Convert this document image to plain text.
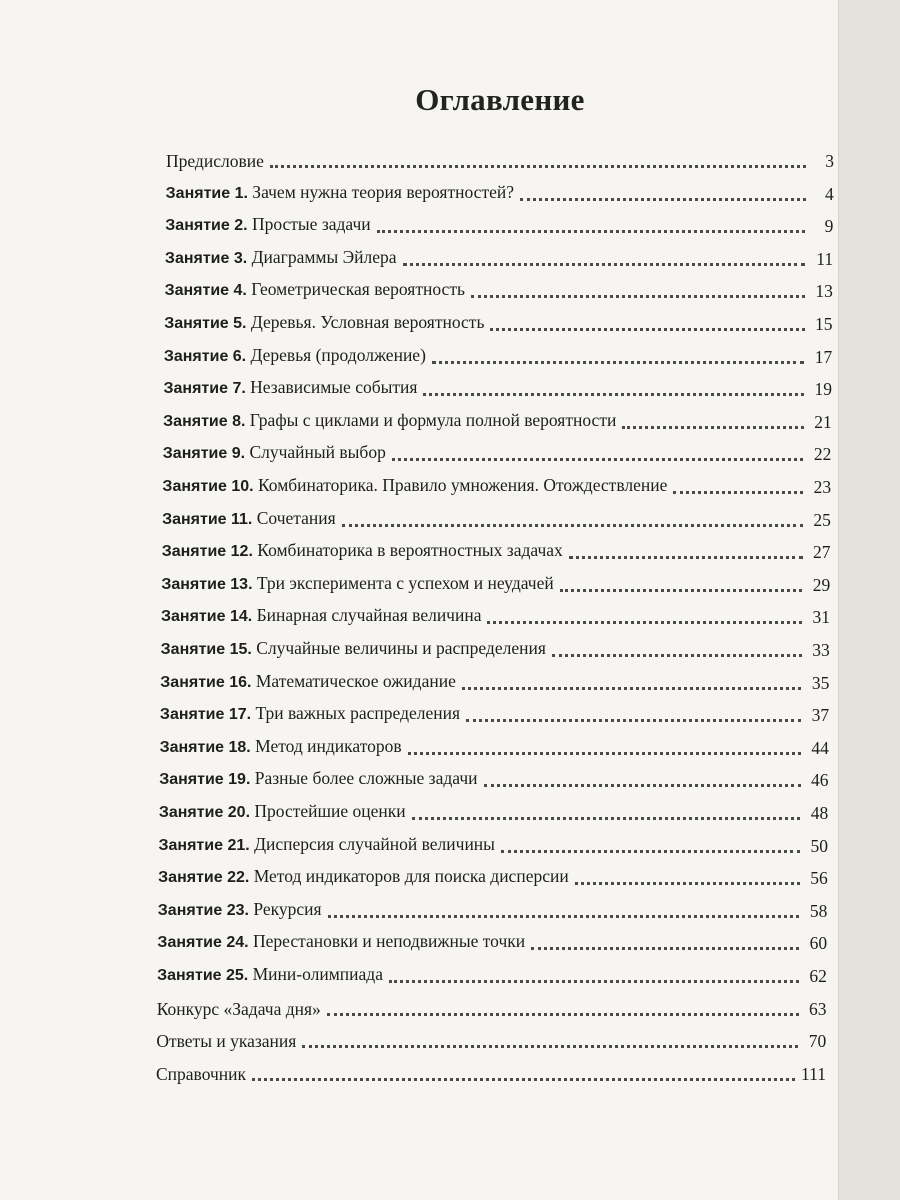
Оглавление
Предисловие	3
Занятие 1. Зачем нужна теория вероятностей?	4
Занятие 2. Простые задачи	9
Занятие 3. Диаграммы Эйлера	11
Занятие 4. Геометрическая вероятность	13
Занятие 5. Деревья. Условная вероятность	15
Занятие 6. Деревья (продолжение)	17
Занятие 7. Независимые события	19
Занятие 8. Графы с циклами и формула полной вероятности	21
Занятие 9. Случайный выбор	22
Занятие 10. Комбинаторика. Правило умножения. Отождествление	23
Занятие 11. Сочетания	25
Занятие 12. Комбинаторика в вероятностных задачах	27
Занятие 13. Три эксперимента с успехом и неудачей	29
Занятие 14. Бинарная случайная величина	31
Занятие 15. Случайные величины и распределения	33
Занятие 16. Математическое ожидание	35
Занятие 17. Три важных распределения	37
Занятие 18. Метод индикаторов	44
Занятие 19. Разные более сложные задачи	46
Занятие 20. Простейшие оценки	48
Занятие 21. Дисперсия случайной величины	50
Занятие 22. Метод индикаторов для поиска дисперсии	56
Занятие 23. Рекурсия	58
Занятие 24. Перестановки и неподвижные точки	60
Занятие 25. Мини-олимпиада	62
Конкурс «Задача дня»	63
Ответы и указания	70
Справочник	111
